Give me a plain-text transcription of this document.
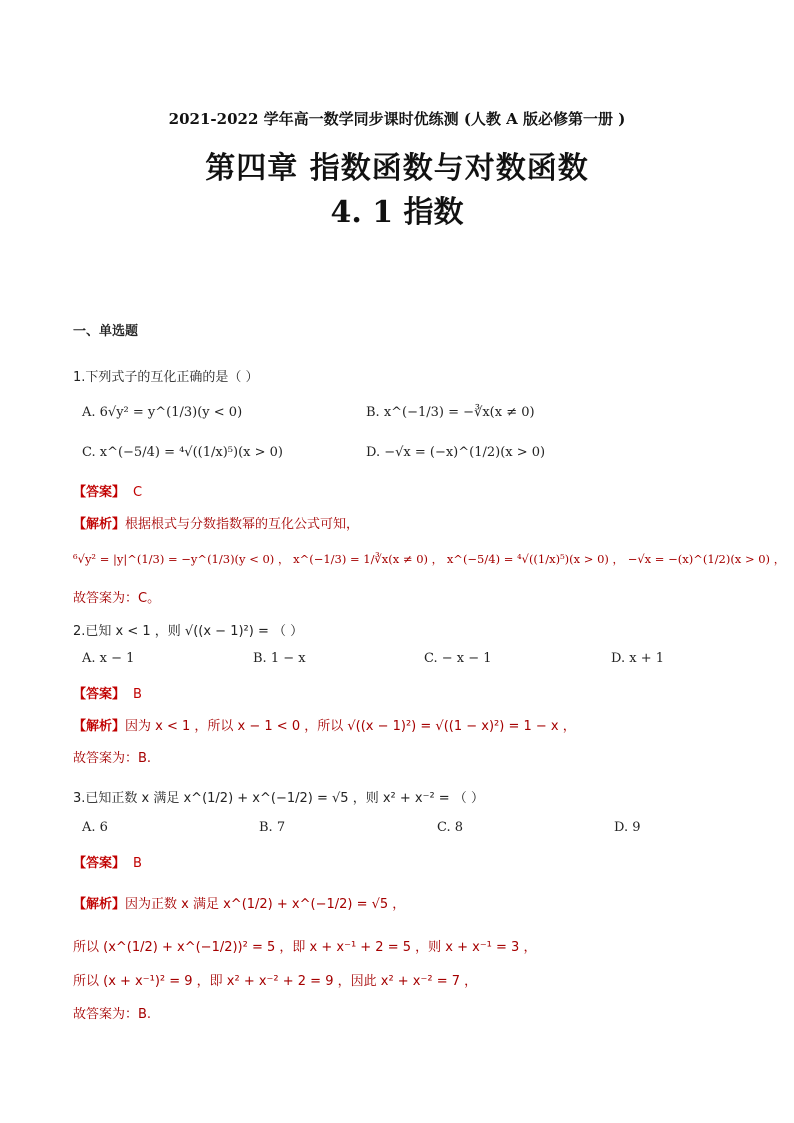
2021-2022 学年高一数学同步课时优练测 (人教 A 版必修第一册 )
第四章 指数函数与对数函数
4. 1 指数
一、单选题
1.下列式子的互化正确的是（ ）
A. 6√y² = y^(1/3)(y < 0)	B. x^(−1/3) = −∛x(x ≠ 0)
C. x^(−5/4) = ⁴√((1/x)⁵)(x > 0)	D. −√x = (−x)^(1/2)(x > 0)
【答案】 C
【解析】根据根式与分数指数幂的互化公式可知，
⁶√y² = |y|^(1/3) = −y^(1/3)(y < 0) ， x^(−1/3) = 1/∛x(x ≠ 0) ， x^(−5/4) = ⁴√((1/x)⁵)(x > 0) ， −√x = −(x)^(1/2)(x > 0) ，
故答案为：C。
2.已知 x < 1 ，则 √((x − 1)²) = （ ）
A. x − 1	B. 1 − x	C. − x − 1	D. x + 1
【答案】 B
【解析】因为 x < 1 ，所以 x − 1 < 0 ，所以 √((x − 1)²) = √((1 − x)²) = 1 − x ，
故答案为：B.
3.已知正数 x 满足 x^(1/2) + x^(−1/2) = √5 ，则 x² + x⁻² = （ ）
A. 6	B. 7	C. 8	D. 9
【答案】 B
【解析】因为正数 x 满足 x^(1/2) + x^(−1/2) = √5 ，
所以 (x^(1/2) + x^(−1/2))² = 5 ，即 x + x⁻¹ + 2 = 5 ，则 x + x⁻¹ = 3 ，
所以 (x + x⁻¹)² = 9 ，即 x² + x⁻² + 2 = 9 ，因此 x² + x⁻² = 7 ，
故答案为：B.
